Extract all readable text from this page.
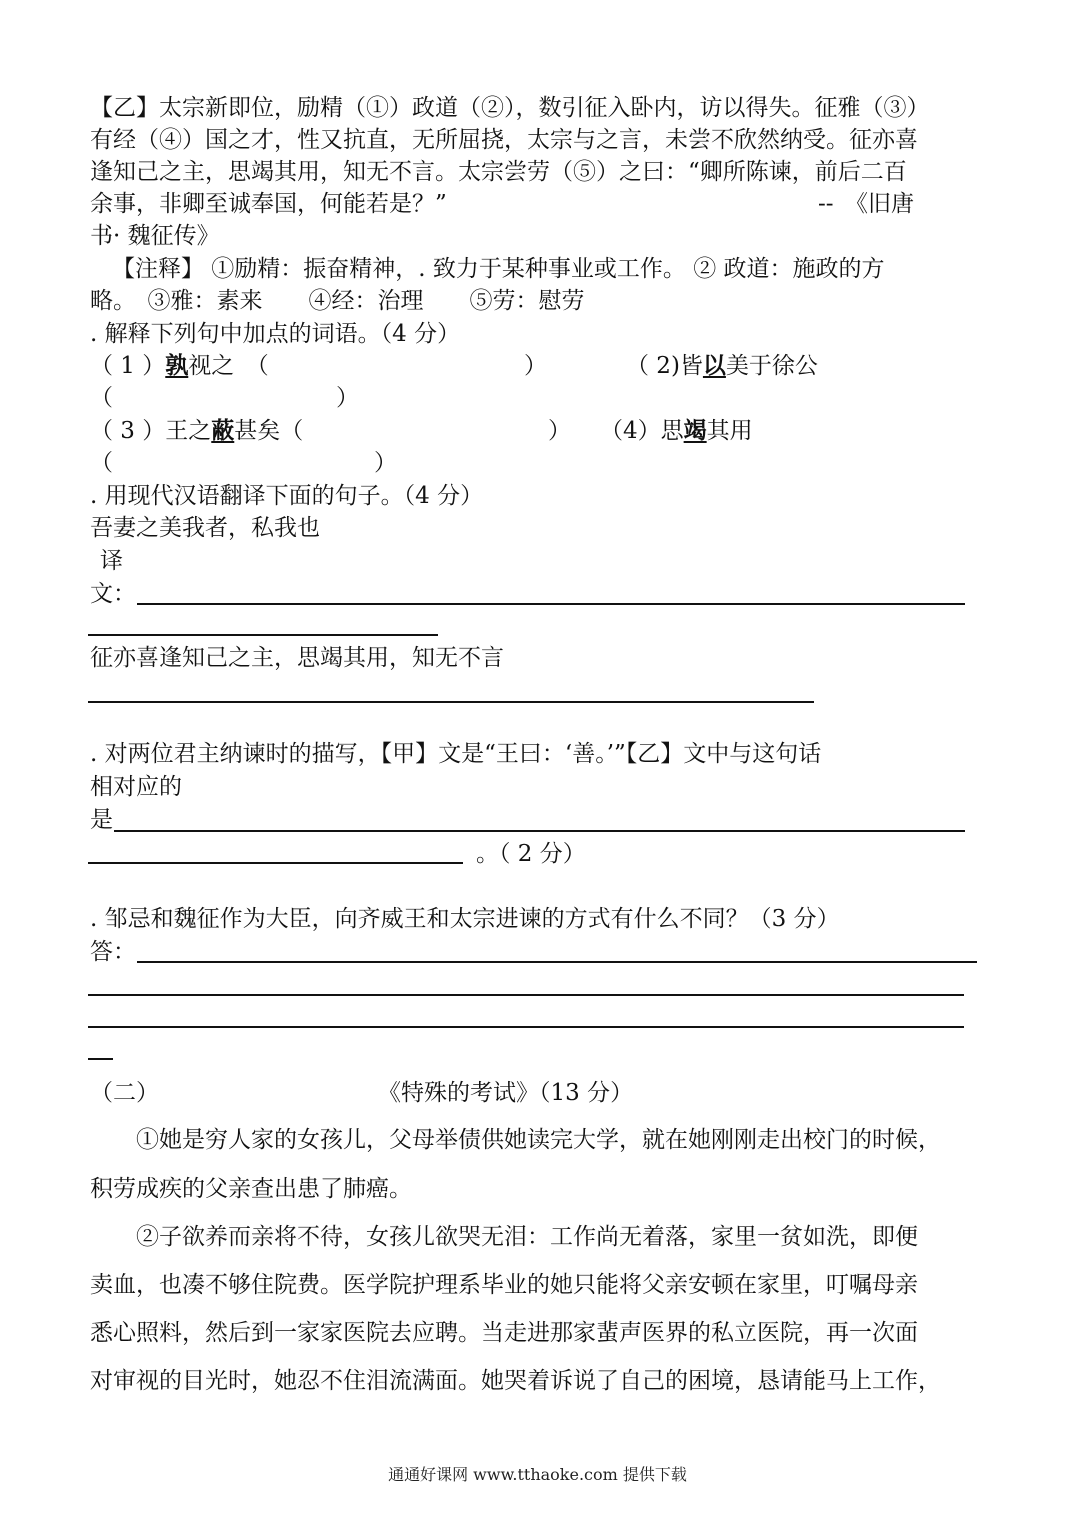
【乙】太宗新即位，励精（①）政道（②），数引征入卧内，访以得失。征雅（③）
有经（④）国之才，性又抗直，无所屈挠，太宗与之言，未尝不欣然纳受。征亦喜
逢知己之主，思竭其用，知无不言。太宗尝劳（⑤）之曰：“卿所陈谏，前后二百
余事，非卿至诚奉国，何能若是？”	--　《旧唐
书· 魏征传》
【注释】 ①励精：振奋精神，. 致力于某种事业或工作。 ② 政道：施政的方
略。　③雅：素来　　④经：治理　　⑤劳：慰劳
. 解释下列句中加点的词语。（4 分）
（ 1 ）孰视之　（	）	（ 2)皆以美于徐公
（	）
（ 3 ）王之蔽甚矣（	） （4）思竭其用
（	）
. 用现代汉语翻译下面的句子。（4 分）
吾妻之美我者，私我也
译
文：
征亦喜逢知己之主，思竭其用，知无不言
. 对两位君主纳谏时的描写，【甲】文是“王曰：‘善。’”【乙】文中与这句话
相对应的
是
。（ 2 分）
. 邹忌和魏征作为大臣，向齐威王和太宗进谏的方式有什么不同？（3 分）
答：
（二）	《特殊的考试》（13 分）
①她是穷人家的女孩儿，父母举债供她读完大学，就在她刚刚走出校门的时候，
积劳成疾的父亲查出患了肺癌。
②子欲养而亲将不待，女孩儿欲哭无泪：工作尚无着落，家里一贫如洗，即便
卖血，也凑不够住院费。医学院护理系毕业的她只能将父亲安顿在家里，叮嘱母亲
悉心照料，然后到一家家医院去应聘。当走进那家蜚声医界的私立医院，再一次面
对审视的目光时，她忍不住泪流满面。她哭着诉说了自己的困境，恳请能马上工作，
通通好课网 www.tthaoke.com 提供下载
